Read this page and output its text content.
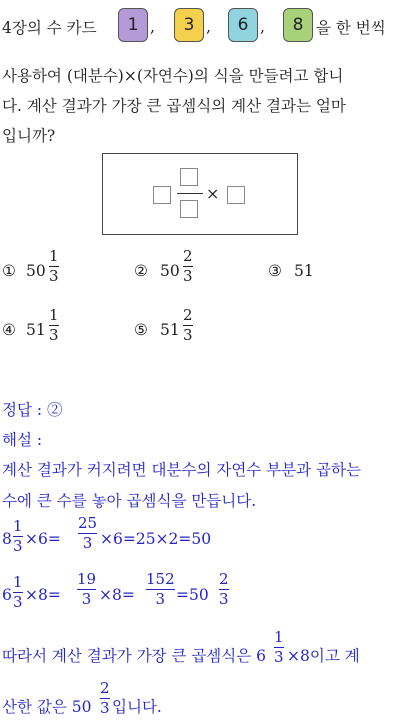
4장의 수 카드	1 ,	3 ,	6 ,	8 을 한 번씩
사용하여 (대분수)×(자연수)의 식을 만들려고 합니
다. 계산 결과가 가장 큰 곱셈식의 계산 결과는 얼마
입니까?
×
① 50
1
3	② 50
2
3	③ 51
④ 51
1
3	⑤ 51
2
3
정답 : ②
해설 :
계산 결과가 커지려면 대분수의 자연수 부분과 곱하는
수에 큰 수를 놓아 곱셈식을 만듭니다.
8
1
3 ×6=
25
3 ×6=25×2=50
6
1
3 ×8=
19
3 ×8=
152
3 =50
2
3
따라서 계산 결과가 가장 큰 곱셈식은 6
1
3 ×8이고 계
산한 값은 50
2
3 입니다.
